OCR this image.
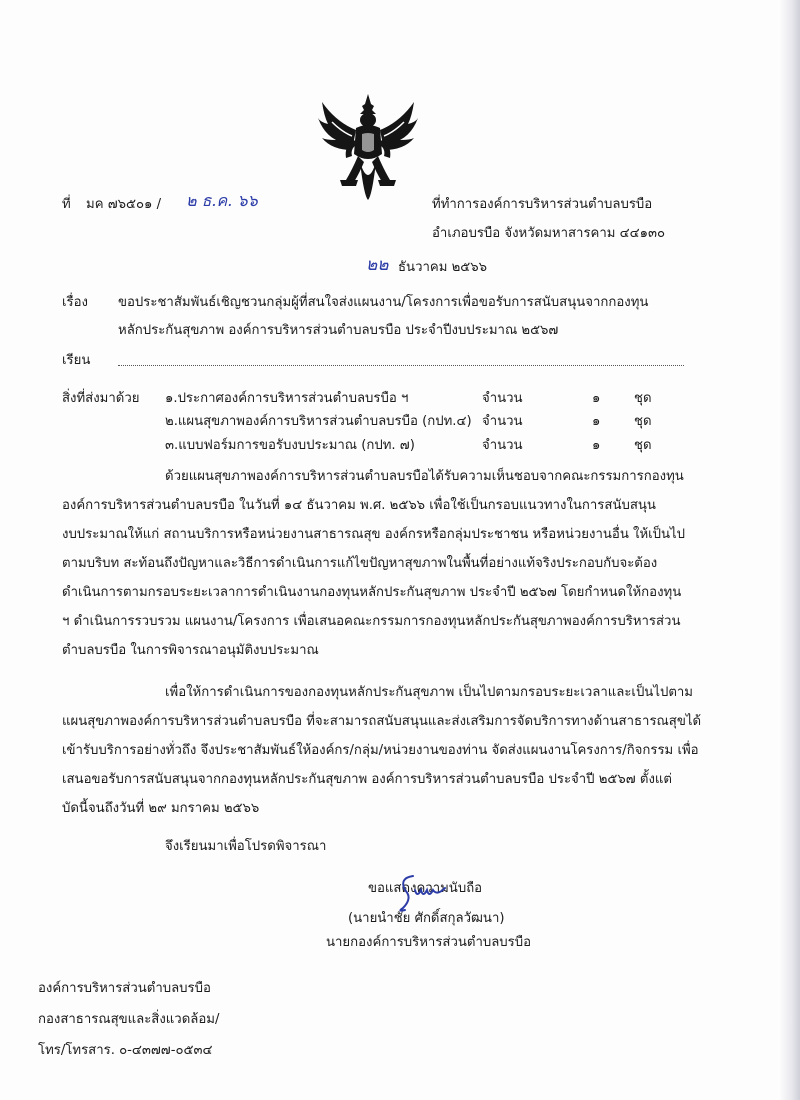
ที่ มค ๗๖๕๐๑ / ๒ ธ.ค. ๖๖	ที่ทำการองค์การบริหารส่วนตำบลบรบือ
อำเภอบรบือ จังหวัดมหาสารคาม ๔๔๑๓๐
๒๒ ธันวาคม ๒๕๖๖
เรื่อง ขอประชาสัมพันธ์เชิญชวนกลุ่มผู้ที่สนใจส่งแผนงาน/โครงการเพื่อขอรับการสนับสนุนจากกองทุน
หลักประกันสุขภาพ องค์การบริหารส่วนตำบลบรบือ ประจำปีงบประมาณ ๒๕๖๗
เรียน
สิ่งที่ส่งมาด้วย ๑.ประกาศองค์การบริหารส่วนตำบลบรบือ ฯ	จำนวน	๑	ชุด
๒.แผนสุขภาพองค์การบริหารส่วนตำบลบรบือ (กปท.๔) จำนวน	๑	ชุด
๓.แบบฟอร์มการขอรับงบประมาณ (กปท. ๗)	จำนวน	๑	ชุด
ด้วยแผนสุขภาพองค์การบริหารส่วนตำบลบรบือได้รับความเห็นชอบจากคณะกรรมการกองทุน
องค์การบริหารส่วนตำบลบรบือ ในวันที่ ๑๔ ธันวาคม พ.ศ. ๒๕๖๖ เพื่อใช้เป็นกรอบแนวทางในการสนับสนุน
งบประมาณให้แก่ สถานบริการหรือหน่วยงานสาธารณสุข องค์กรหรือกลุ่มประชาชน หรือหน่วยงานอื่น ให้เป็นไป
ตามบริบท สะท้อนถึงปัญหาและวิธีการดำเนินการแก้ไขปัญหาสุขภาพในพื้นที่อย่างแท้จริงประกอบกับจะต้อง
ดำเนินการตามกรอบระยะเวลาการดำเนินงานกองทุนหลักประกันสุขภาพ ประจำปี ๒๕๖๗ โดยกำหนดให้กองทุน
ฯ ดำเนินการรวบรวม แผนงาน/โครงการ เพื่อเสนอคณะกรรมการกองทุนหลักประกันสุขภาพองค์การบริหารส่วน
ตำบลบรบือ ในการพิจารณาอนุมัติงบประมาณ
เพื่อให้การดำเนินการของกองทุนหลักประกันสุขภาพ เป็นไปตามกรอบระยะเวลาและเป็นไปตาม
แผนสุขภาพองค์การบริหารส่วนตำบลบรบือ ที่จะสามารถสนับสนุนและส่งเสริมการจัดบริการทางด้านสาธารณสุขได้
เข้ารับบริการอย่างทั่วถึง จึงประชาสัมพันธ์ให้องค์กร/กลุ่ม/หน่วยงานของท่าน จัดส่งแผนงานโครงการ/กิจกรรม เพื่อ
เสนอขอรับการสนับสนุนจากกองทุนหลักประกันสุขภาพ องค์การบริหารส่วนตำบลบรบือ ประจำปี ๒๕๖๗ ตั้งแต่
บัดนี้จนถึงวันที่ ๒๙ มกราคม ๒๕๖๖
จึงเรียนมาเพื่อโปรดพิจารณา
ขอแสดงความนับถือ
(นายนำชัย ศักดิ์สกุลวัฒนา)
นายกองค์การบริหารส่วนตำบลบรบือ
องค์การบริหารส่วนตำบลบรบือ
กองสาธารณสุขและสิ่งแวดล้อม/
โทร/โทรสาร. ๐-๔๓๗๗-๐๕๓๔
